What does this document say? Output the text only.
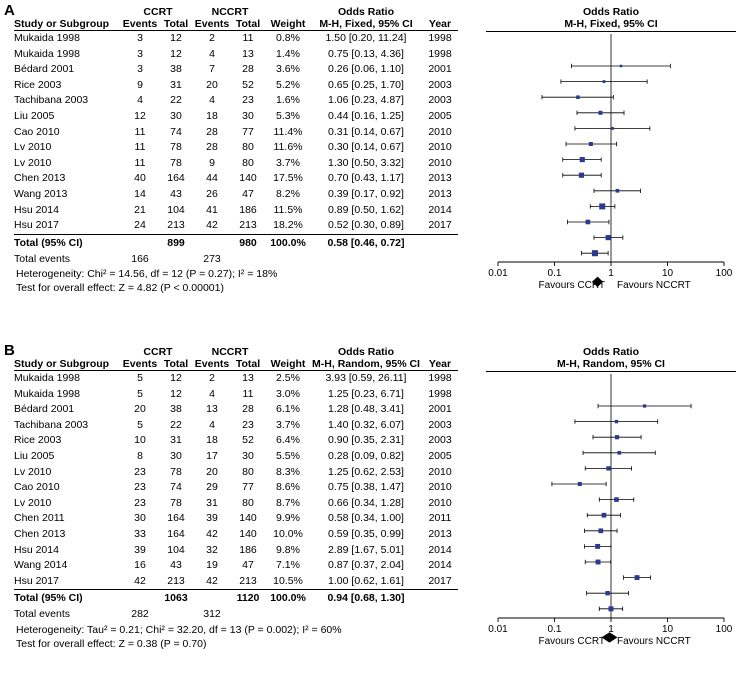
A
		CCRT		NCCRT			Odds Ratio	
Study or Subgroup	Events	Total	Events	Total	Weight	M-H, Fixed, 95% CI	Year
Mukaida 1998	3	12	2	11	0.8%	1.50 [0.20, 11.24]	1998
Mukaida 1998	3	12	4	13	1.4%	0.75 [0.13, 4.36]	1998
Bédard 2001	3	38	7	28	3.6%	0.26 [0.06, 1.10]	2001
Rice 2003	9	31	20	52	5.2%	0.65 [0.25, 1.70]	2003
Tachibana 2003	4	22	4	23	1.6%	1.06 [0.23, 4.87]	2003
Liu 2005	12	30	18	30	5.3%	0.44 [0.16, 1.25]	2005
Cao 2010	11	74	28	77	11.4%	0.31 [0.14, 0.67]	2010
Lv 2010	11	78	28	80	11.6%	0.30 [0.14, 0.67]	2010
Lv 2010	11	78	9	80	3.7%	1.30 [0.50, 3.32]	2010
Chen 2013	40	164	44	140	17.5%	0.70 [0.43, 1.17]	2013
Wang 2013	14	43	26	47	8.2%	0.39 [0.17, 0.92]	2013
Hsu 2014	21	104	41	186	11.5%	0.89 [0.50, 1.62]	2014
Hsu 2017	24	213	42	213	18.2%	0.52 [0.30, 0.89]	2017
Total (95% CI)		899		980	100.0%	0.58 [0.46, 0.72]	
Total events	166		273				
Heterogeneity: Chi² = 14.56, df = 12 (P = 0.27); I² = 18%
Test for overall effect: Z = 4.82 (P < 0.00001)
Odds Ratio
M-H, Fixed, 95% CI
0.01	0.1	1	10	100
Favours CCRT Favours NCCRT
B
		CCRT		NCCRT			Odds Ratio	
Study or Subgroup	Events	Total	Events	Total	Weight	M-H, Random, 95% CI	Year
Mukaida 1998	5	12	2	13	2.5%	3.93 [0.59, 26.11]	1998
Mukaida 1998	5	12	4	11	3.0%	1.25 [0.23, 6.71]	1998
Bédard 2001	20	38	13	28	6.1%	1.28 [0.48, 3.41]	2001
Tachibana 2003	5	22	4	23	3.7%	1.40 [0.32, 6.07]	2003
Rice 2003	10	31	18	52	6.4%	0.90 [0.35, 2.31]	2003
Liu 2005	8	30	17	30	5.5%	0.28 [0.09, 0.82]	2005
Lv 2010	23	78	20	80	8.3%	1.25 [0.62, 2.53]	2010
Cao 2010	23	74	29	77	8.6%	0.75 [0.38, 1.47]	2010
Lv 2010	23	78	31	80	8.7%	0.66 [0.34, 1.28]	2010
Chen 2011	30	164	39	140	9.9%	0.58 [0.34, 1.00]	2011
Chen 2013	33	164	42	140	10.0%	0.59 [0.35, 0.99]	2013
Hsu 2014	39	104	32	186	9.8%	2.89 [1.67, 5.01]	2014
Wang 2014	16	43	19	47	7.1%	0.87 [0.37, 2.04]	2014
Hsu 2017	42	213	42	213	10.5%	1.00 [0.62, 1.61]	2017
Total (95% CI)		1063		1120	100.0%	0.94 [0.68, 1.30]	
Total events	282		312				
Heterogeneity: Tau² = 0.21; Chi² = 32.20, df = 13 (P = 0.002); I² = 60%
Test for overall effect: Z = 0.38 (P = 0.70)
Odds Ratio
M-H, Random, 95% CI
0.01	0.1	1	10	100
Favours CCRT Favours NCCRT
